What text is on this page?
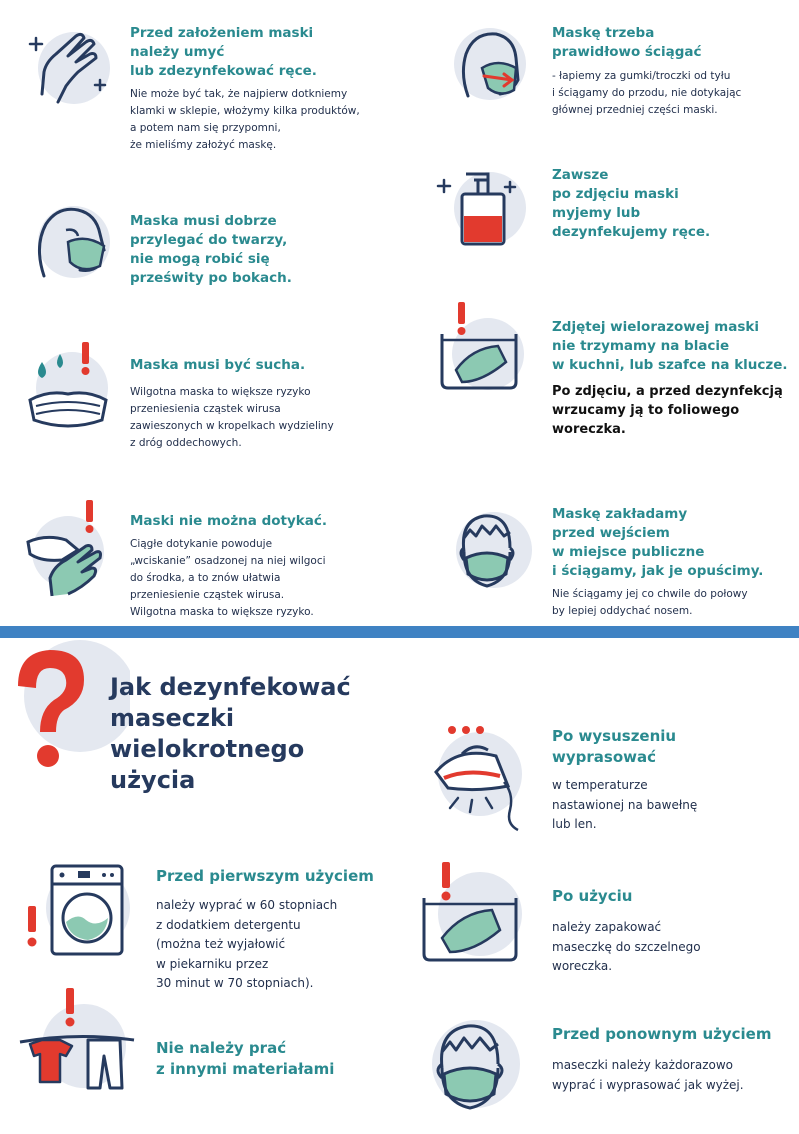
Przed założeniem maski
należy umyć
lub zdezynfekować ręce.
Nie może być tak, że najpierw dotkniemy
klamki w sklepie, włożymy kilka produktów,
a potem nam się przypomni,
że mieliśmy założyć maskę.
Maskę trzeba
prawidłowo ściągać
- łapiemy za gumki/troczki od tyłu
i ściągamy do przodu, nie dotykając
głównej przedniej części maski.
Zawsze
po zdjęciu maski
myjemy lub
dezynfekujemy ręce.
Maska musi dobrze
przylegać do twarzy,
nie mogą robić się
prześwity po bokach.
Zdjętej wielorazowej maski
nie trzymamy na blacie
w kuchni, lub szafce na klucze.
Po zdjęciu, a przed dezynfekcją
wrzucamy ją to foliowego
woreczka.
Maska musi być sucha.
Wilgotna maska to większe ryzyko
przeniesienia cząstek wirusa
zawieszonych w kropelkach wydzieliny
z dróg oddechowych.
Maski nie można dotykać.
Ciągłe dotykanie powoduje
„wciskanie” osadzonej na niej wilgoci
do środka, a to znów ułatwia
przeniesienie cząstek wirusa.
Wilgotna maska to większe ryzyko.
Maskę zakładamy
przed wejściem
w miejsce publiczne
i ściągamy, jak je opuścimy.
Nie ściągamy jej co chwile do połowy
by lepiej oddychać nosem.
Jak dezynfekować
maseczki
wielokrotnego
użycia
Po wysuszeniu
wyprasować
w temperaturze
nastawionej na bawełnę
lub len.
Przed pierwszym użyciem
należy wyprać w 60 stopniach
z dodatkiem detergentu
(można też wyjałowić
w piekarniku przez
30 minut w 70 stopniach).
Po użyciu
należy zapakować
maseczkę do szczelnego
woreczka.
Nie należy prać
z innymi materiałami
Przed ponownym użyciem
maseczki należy każdorazowo
wyprać i wyprasować jak wyżej.
